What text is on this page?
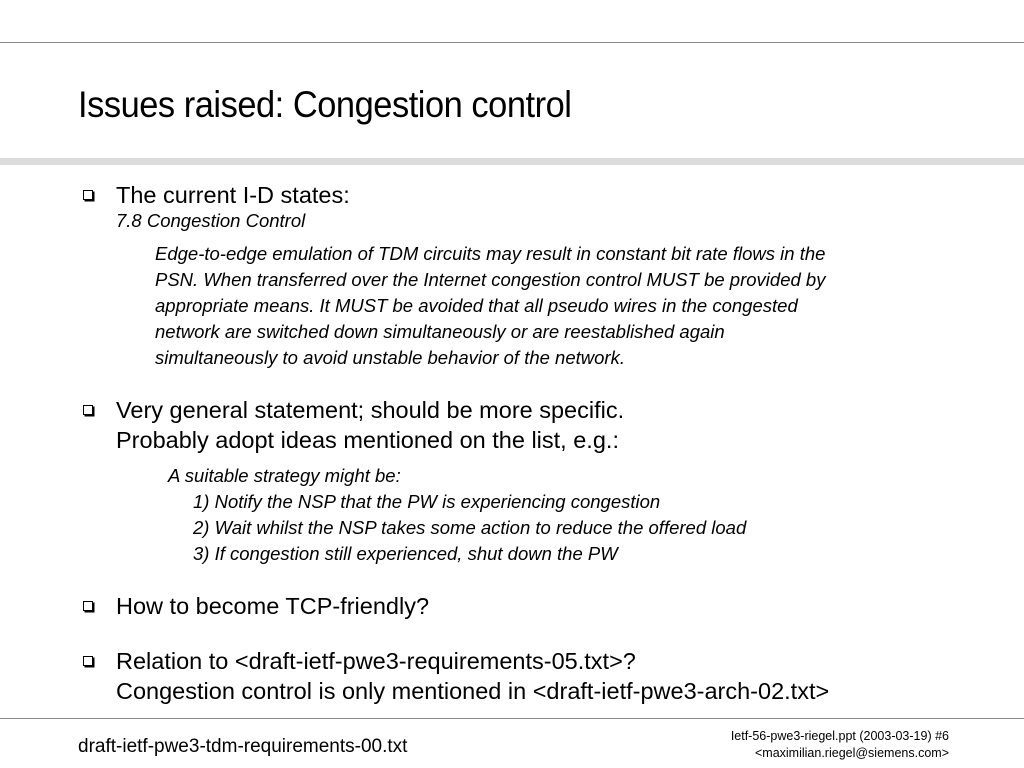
Issues raised: Congestion control
The current I-D states:
7.8 Congestion Control
Edge-to-edge emulation of TDM circuits may result in constant bit rate flows in the
PSN. When transferred over the Internet congestion control MUST be provided by
appropriate means. It MUST be avoided that all pseudo wires in the congested
network are switched down simultaneously or are reestablished again
simultaneously to avoid unstable behavior of the network.
Very general statement; should be more specific.
Probably adopt ideas mentioned on the list, e.g.:
A suitable strategy might be:
1) Notify the NSP that the PW is experiencing congestion
2) Wait whilst the NSP takes some action to reduce the offered load
3) If congestion still experienced, shut down the PW
How to become TCP-friendly?
Relation to <draft-ietf-pwe3-requirements-05.txt>?
Congestion control is only mentioned in <draft-ietf-pwe3-arch-02.txt>
draft-ietf-pwe3-tdm-requirements-00.txt	Ietf-56-pwe3-riegel.ppt (2003-03-19) #6
<maximilian.riegel@siemens.com>
